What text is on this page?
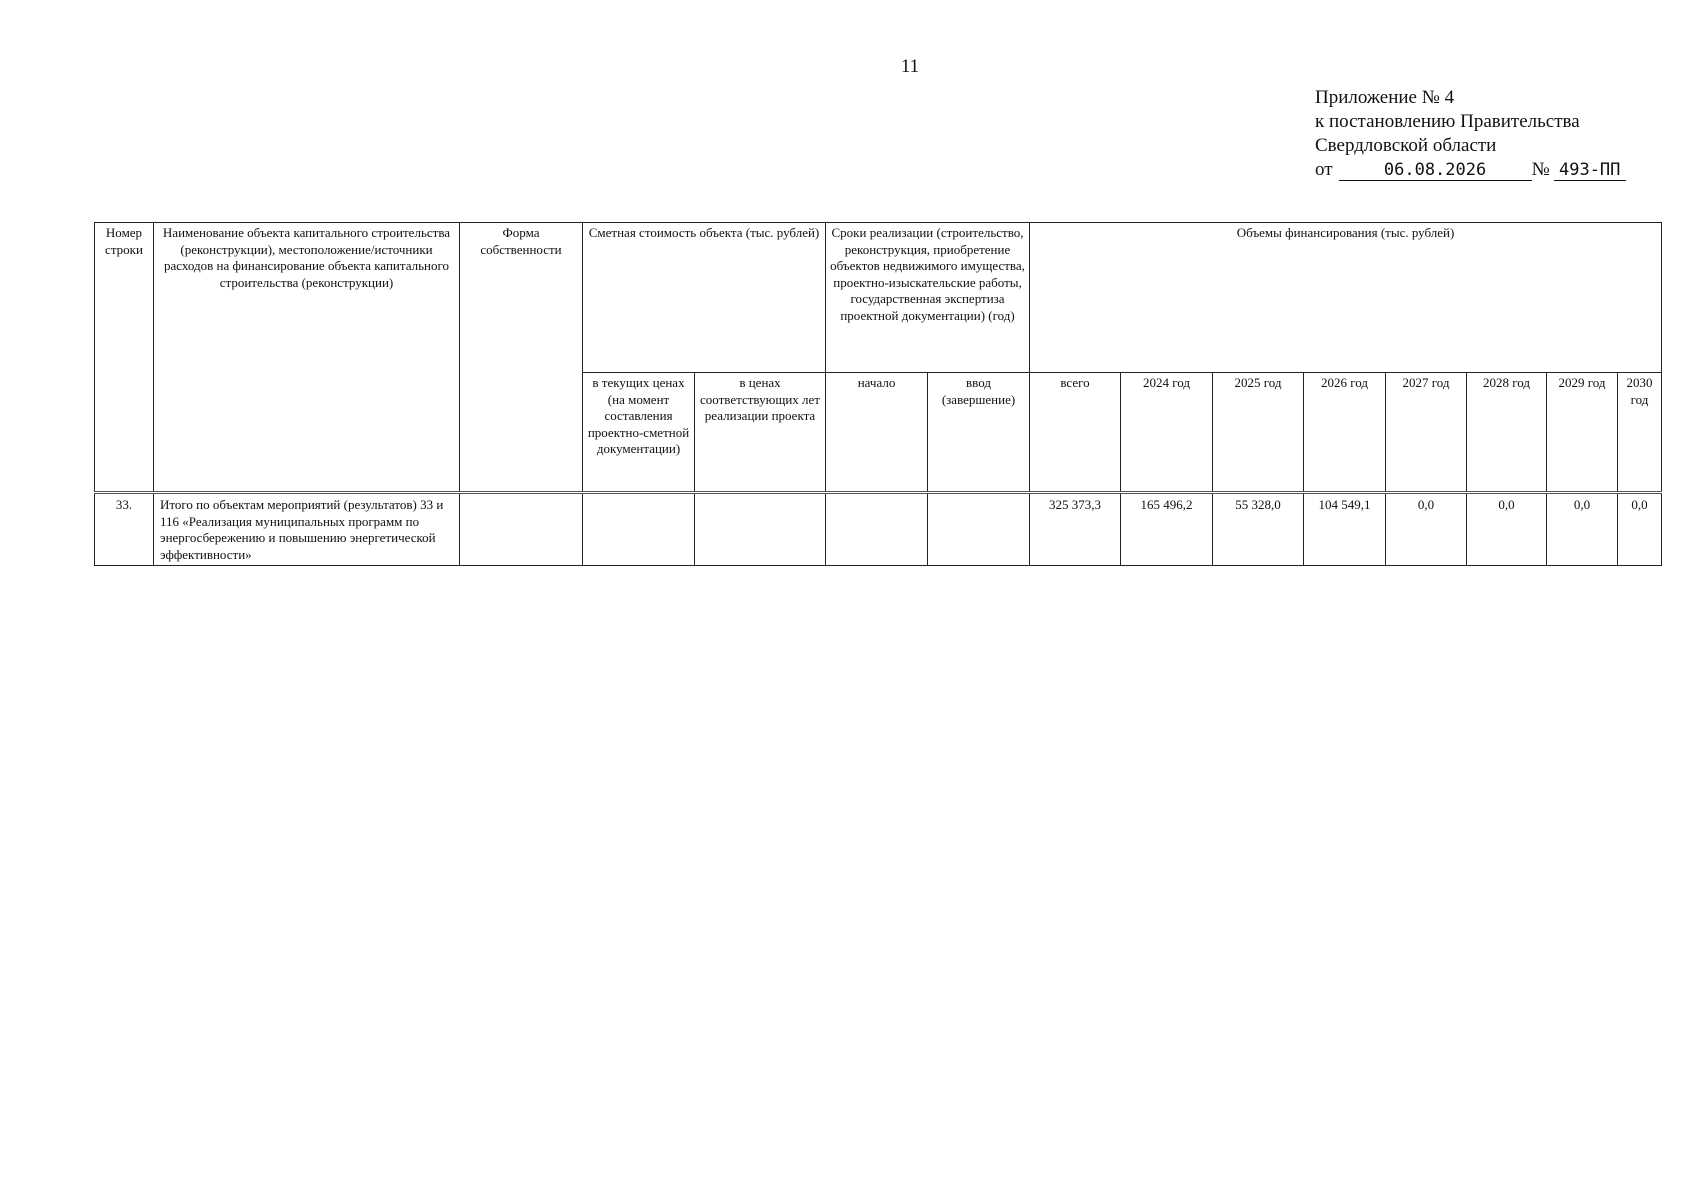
11
Приложение № 4
к постановлению Правительства
Свердловской области
от	06.08.2026 № 493-ПП
Номер строки	Наименование объекта капитального строительства (реконструкции), местоположение/источники расходов на финансирование объекта капитального строительства (реконструкции)	Форма собственности	Сметная стоимость объекта (тыс. рублей)		Сроки реализации (строительство, реконструкция, приобретение объектов недвижимого имущества, проектно-изыскательские работы, государственная экспертиза проектной документации) (год)		Объемы финансирования (тыс. рублей)							
			в текущих ценах (на момент составления проектно-сметной документации)	в ценах соответствующих лет реализации проекта	начало	ввод (завершение)	всего	2024 год	2025 год	2026 год	2027 год	2028 год	2029 год	2030 год
33.	Итого по объектам мероприятий (результатов) 33 и 116 «Реализация муниципальных программ по энергосбережению и повышению энергетической эффективности»						325 373,3	165 496,2	55 328,0	104 549,1	0,0	0,0	0,0	0,0
